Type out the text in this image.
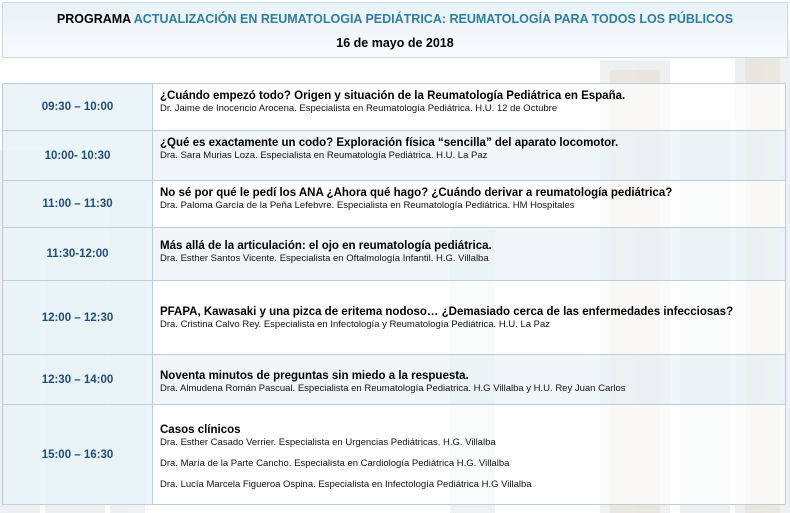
PROGRAMA ACTUALIZACIÓN EN REUMATOLOGIA PEDIÁTRICA: REUMATOLOGÍA PARA TODOS LOS PÚBLICOS
16 de mayo de 2018
09:30 – 10:00	¿Cuándo empezó todo? Origen y situación de la Reumatología Pediátrica en España.
Dr. Jaime de Inocencio Arocena. Especialista en Reumatología Pediátrica. H.U. 12 de Octubre

10:00- 10:30	¿Qué es exactamente un codo? Exploración física “sencilla” del aparato locomotor.
Dra. Sara Murias Loza. Especialista en Reumatología Pediátrica. H.U. La Paz

11:00 – 11:30	No sé por qué le pedí los ANA ¿Ahora qué hago? ¿Cuándo derivar a reumatología pediátrica?
Dra. Paloma García de la Peña Lefebvre. Especialista en Reumatología Pediátrica. HM Hospitales

11:30-12:00	Más allá de la articulación: el ojo en reumatología pediátrica.
Dra. Esther Santos Vicente. Especialista en Oftalmología Infantil. H.G. Villalba

12:00 – 12:30	PFAPA, Kawasaki y una pizca de eritema nodoso… ¿Demasiado cerca de las enfermedades infecciosas?
Dra. Cristina Calvo Rey. Especialista en Infectología y Reumatología Pediátrica. H.U. La Paz

12:30 – 14:00	Noventa minutos de preguntas sin miedo a la respuesta.
Dra. Almudena Román Pascual. Especialista en Reumatología Pediatrica. H.G Villalba y H.U. Rey Juan Carlos

15:00 – 16:30	Casos clínicos
Dra. Esther Casado Verrier. Especialista en Urgencias Pediátricas. H.G. Villalba
Dra. María de la Parte Cancho. Especialista en Cardiología Pediátrica H.G. Villalba
Dra. Lucía Marcela Figueroa Ospina. Especialista en Infectología Pediátrica H.G Villalba
